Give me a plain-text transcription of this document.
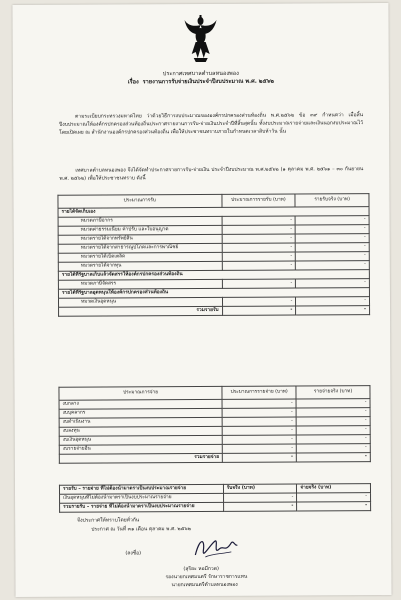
ประกาศเทศบาลตำบลหนองพอง
เรื่อง รายงานการรับจ่ายเงินประจำปีงบประมาณ พ.ศ. ๒๕๖๒
ตามระเบียบกระทรวงมหาดไทย ว่าด้วยวิธีการงบประมาณขององค์กรปกครองส่วนท้องถิ่น พ.ศ.๒๕๖๒ ข้อ ๓๙ กำหนดว่า เมื่อสิ้นปีงบประมาณให้องค์กรปกครองส่วนท้องถิ่นประกาศรายงานการรับ-จ่ายเงินประจำปีที่สิ้นสุดนั้น ทั้งงบประมาณรายจ่ายและเงินนอกงบประมาณไว้โดยเปิดเผย ณ สำนักงานองค์กรปกครองส่วนท้องถิ่น เพื่อให้ประชาชนทราบภายในกำหนดเวลาสิบห้าวัน นั้น
เทศบาลตำบลหนองพอง จึงได้จัดทำประกาศรายการรับ-จ่ายเงิน ประจำปีงบประมาณ พ.ศ.๒๕๖๒ (๑ ตุลาคม พ.ศ. ๒๕๖๑ – ๓๐ กันยายน พ.ศ. ๒๕๖๒) เพื่อให้ประชาชนทราบ ดังนี้
ประมาณการรับ	ประมาณการรายรับ (บาท)	รายรับจริง (บาท)
รายได้จัดเก็บเอง		
หมวดภาษีอากร	-	-
หมวดค่าธรรมเนียม ค่าปรับ และใบอนุญาต	-	-
หมวดรายได้จากทรัพย์สิน	-	-
หมวดรายได้จากสาธารณูปโภคและการพาณิชย์	-	-
หมวดรายได้เบ็ดเตล็ด	-	-
หมวดรายได้จากทุน	-	-
รายได้ที่รัฐบาลเก็บแล้วจัดสรรให้องค์กรปกครองส่วนท้องถิ่น		
หมวดภาษีจัดสรร	-	-
รายได้ที่รัฐบาลอุดหนุนให้องค์กรปกครองส่วนท้องถิ่น		
หมวดเงินอุดหนุน	-	-
รวมรายรับ	-	-
ประมาณการจ่าย	ประมาณการรายจ่าย (บาท)	รายจ่ายจริง (บาท)
งบกลาง	-	-
งบบุคลากร	-	-
งบดำเนินงาน	-	-
งบลงทุน	-	-
งบเงินอุดหนุน	-	-
งบรายจ่ายอื่น	-	-
รวมรายจ่าย	-	-
รายรับ – รายจ่าย ที่ไม่ต้องนำมาตราเป็นงบประมาณรายจ่าย	รับจริง (บาท)	จ่ายจริง (บาท)
เงินอุดหนุนที่ไม่ต้องนำมาตราเป็นงบประมาณรายจ่าย	-	-
รวมรายรับ – รายจ่าย ที่ไม่ต้องนำมาตราเป็นงบประมาณรายจ่าย	-	-
จึงประกาศให้ทราบโดยทั่วกัน
ประกาศ ณ วันที่ ๓๑ เดือน ตุลาคม พ.ศ. ๒๕๖๒
(ลงชื่อ)
(สุริยะ หอมีกวด)
รองนายกเทศมนตรี รักษาราชการแทน
นายกเทศมนตรีตำบลหนองพอง
